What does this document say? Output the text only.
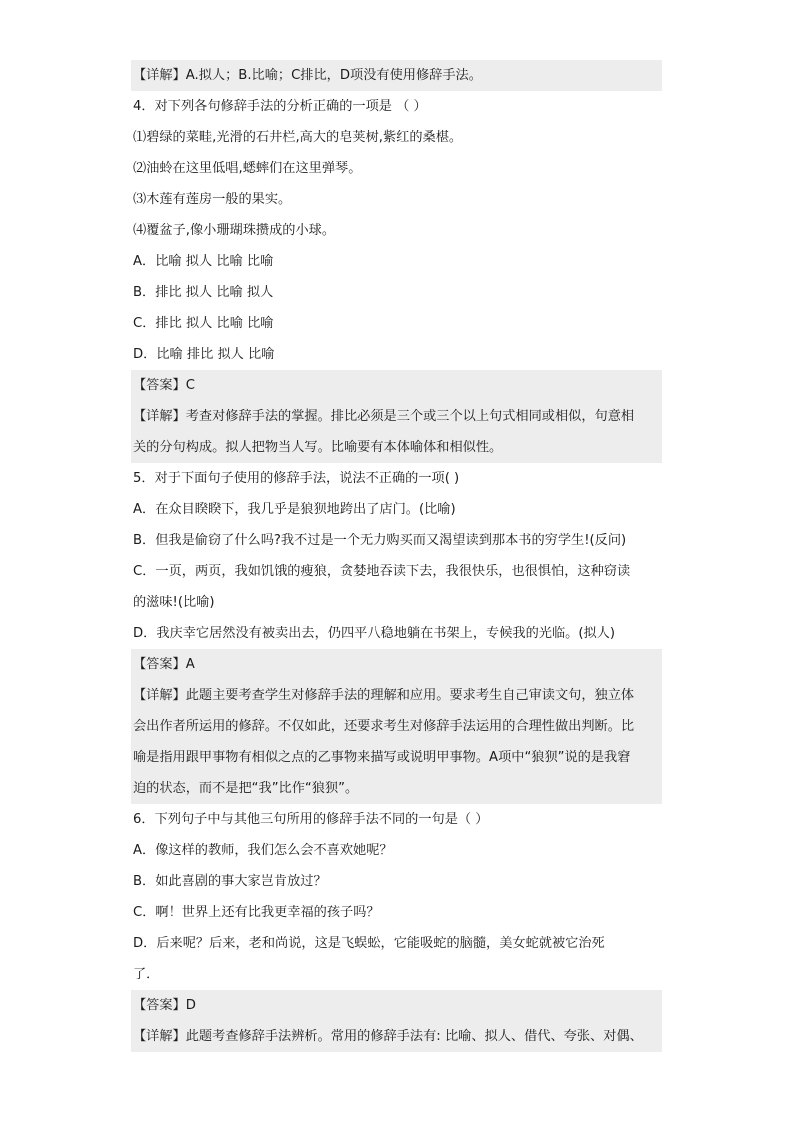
【详解】A.拟人；B.比喻；C排比，D项没有使用修辞手法。
4．对下列各句修辞手法的分析正确的一项是 （ ）
⑴碧绿的菜畦,光滑的石井栏,高大的皂荚树,紫红的桑椹。
⑵油蛉在这里低唱,蟋蟀们在这里弹琴。
⑶木莲有莲房一般的果实。
⑷覆盆子,像小珊瑚珠攒成的小球。
A．比喻 拟人 比喻 比喻
B．排比 拟人 比喻 拟人
C．排比 拟人 比喻 比喻
D．比喻 排比 拟人 比喻
【答案】C
【详解】考查对修辞手法的掌握。排比必须是三个或三个以上句式相同或相似，句意相
关的分句构成。拟人把物当人写。比喻要有本体喻体和相似性。
5．对于下面句子使用的修辞手法，说法不正确的一项( )
A．在众目睽睽下，我几乎是狼狈地跨出了店门。(比喻)
B．但我是偷窃了什么吗?我不过是一个无力购买而又渴望读到那本书的穷学生!(反问)
C．一页，两页，我如饥饿的瘦狼，贪婪地吞读下去，我很快乐，也很惧怕，这种窃读
的滋味!(比喻)
D．我庆幸它居然没有被卖出去，仍四平八稳地躺在书架上，专候我的光临。(拟人)
【答案】A
【详解】此题主要考查学生对修辞手法的理解和应用。要求考生自己审读文句，独立体
会出作者所运用的修辞。不仅如此，还要求考生对修辞手法运用的合理性做出判断。比
喻是指用跟甲事物有相似之点的乙事物来描写或说明甲事物。A项中“狼狈”说的是我窘
迫的状态，而不是把“我”比作“狼狈”。
6．下列句子中与其他三句所用的修辞手法不同的一句是（ ）
A．像这样的教师，我们怎么会不喜欢她呢？
B．如此喜剧的事大家岂肯放过？
C．啊！世界上还有比我更幸福的孩子吗？
D．后来呢？后来，老和尚说，这是飞蜈蚣，它能吸蛇的脑髓，美女蛇就被它治死
了．
【答案】D
【详解】此题考查修辞手法辨析。常用的修辞手法有: 比喻、拟人、借代、夸张、对偶、
